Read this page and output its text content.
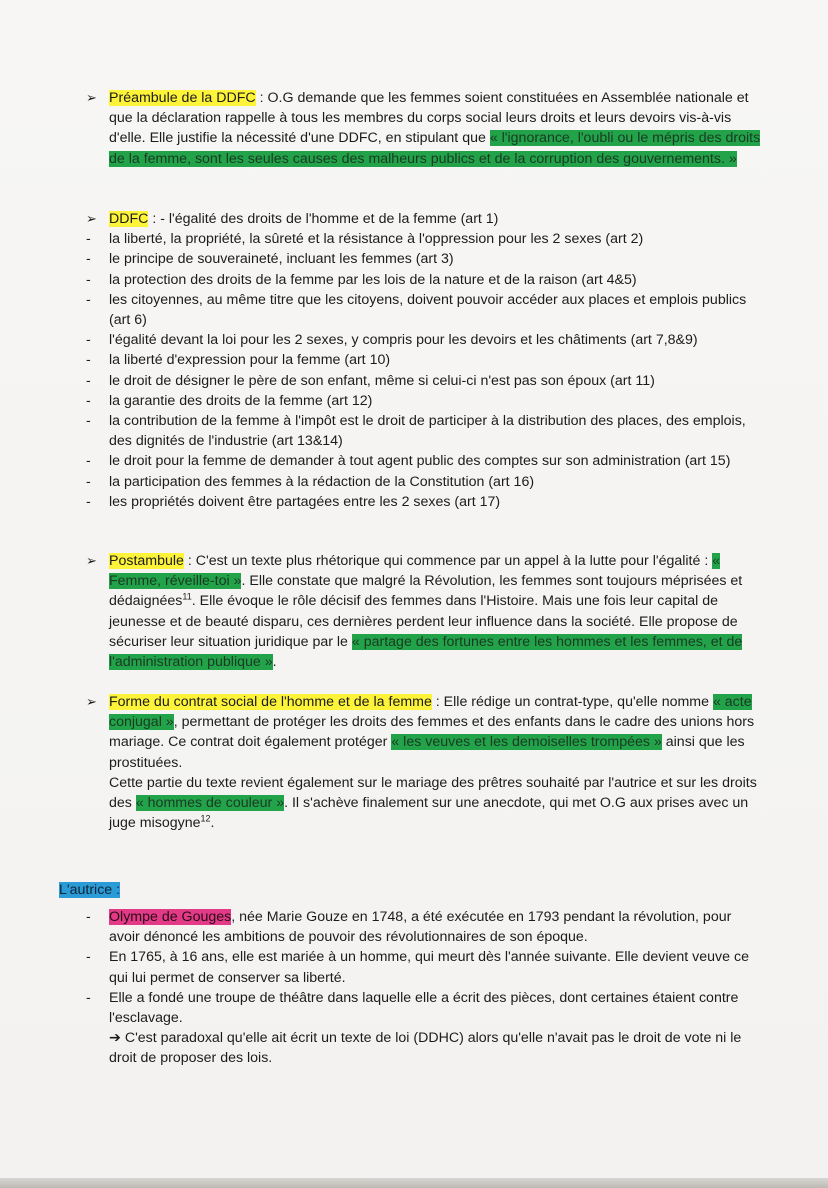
➢ Préambule de la DDFC : O.G demande que les femmes soient constituées en Assemblée nationale et que la déclaration rappelle à tous les membres du corps social leurs droits et leurs devoirs vis-à-vis d'elle. Elle justifie la nécessité d'une DDFC, en stipulant que « l'ignorance, l'oubli ou le mépris des droits de la femme, sont les seules causes des malheurs publics et de la corruption des gouvernements. »
➢ DDFC : - l'égalité des droits de l'homme et de la femme (art 1)
-	la liberté, la propriété, la sûreté et la résistance à l'oppression pour les 2 sexes (art 2)
-	le principe de souveraineté, incluant les femmes (art 3)
-	la protection des droits de la femme par les lois de la nature et de la raison (art 4&5)
-	les citoyennes, au même titre que les citoyens, doivent pouvoir accéder aux places et emplois publics (art 6)
-	l'égalité devant la loi pour les 2 sexes, y compris pour les devoirs et les châtiments (art 7,8&9)
-	la liberté d'expression pour la femme (art 10)
-	le droit de désigner le père de son enfant, même si celui-ci n'est pas son époux (art 11)
-	la garantie des droits de la femme (art 12)
-	la contribution de la femme à l'impôt est le droit de participer à la distribution des places, des emplois, des dignités de l'industrie (art 13&14)
-	le droit pour la femme de demander à tout agent public des comptes sur son administration (art 15)
-	la participation des femmes à la rédaction de la Constitution (art 16)
-	les propriétés doivent être partagées entre les 2 sexes (art 17)
➢ Postambule : C'est un texte plus rhétorique qui commence par un appel à la lutte pour l'égalité : « Femme, réveille-toi ». Elle constate que malgré la Révolution, les femmes sont toujours méprisées et dédaignées$^{11}$. Elle évoque le rôle décisif des femmes dans l'Histoire. Mais une fois leur capital de jeunesse et de beauté disparu, ces dernières perdent leur influence dans la société. Elle propose de sécuriser leur situation juridique par le « partage des fortunes entre les hommes et les femmes, et de l'administration publique ».
➢ Forme du contrat social de l'homme et de la femme : Elle rédige un contrat-type, qu'elle nomme « acte conjugal », permettant de protéger les droits des femmes et des enfants dans le cadre des unions hors mariage. Ce contrat doit également protéger « les veuves et les demoiselles trompées » ainsi que les prostituées.
Cette partie du texte revient également sur le mariage des prêtres souhaité par l'autrice et sur les droits des « hommes de couleur ». Il s'achève finalement sur une anecdote, qui met O.G aux prises avec un juge misogyne$^{12}$.
L'autrice :
-	Olympe de Gouges, née Marie Gouze en 1748, a été exécutée en 1793 pendant la révolution, pour avoir dénoncé les ambitions de pouvoir des révolutionnaires de son époque.
-	En 1765, à 16 ans, elle est mariée à un homme, qui meurt dès l'année suivante. Elle devient veuve ce qui lui permet de conserver sa liberté.
-	Elle a fondé une troupe de théâtre dans laquelle elle a écrit des pièces, dont certaines étaient contre l'esclavage.
➔ C'est paradoxal qu'elle ait écrit un texte de loi (DDHC) alors qu'elle n'avait pas le droit de vote ni le droit de proposer des lois.
